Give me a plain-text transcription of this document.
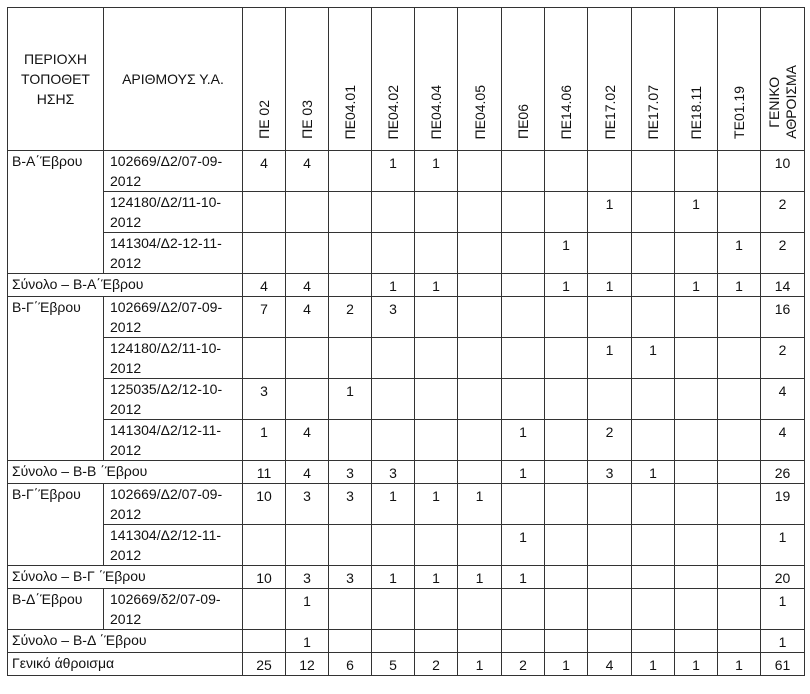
ΠΕΡΙΟΧΗ
ΤΟΠΟΘΕΤ
ΗΣΗΣ	ΑΡΙΘΜΟΥΣ Υ.Α.	ΠΕ 02	ΠΕ 03	ΠΕ04.01	ΠΕ04.02	ΠΕ04.04	ΠΕ04.05	ΠΕ06	ΠΕ14.06	ΠΕ17.02	ΠΕ17.07	ΠΕ18.11	ΤΕ01.19	ΓΕΝΙΚΟ
ΑΘΡΟΙΣΜΑ
Β-Α΄Έβρου	102669/Δ2/07-09-2012	4	4		1	1								10
	124180/Δ2/11-10-2012									1		1		2
	141304/Δ2-12-11-2012								1				1	2
Σύνολο – Β-Α΄Έβρου		4	4		1	1			1	1		1	1	14
Β-Γ΄Έβρου	102669/Δ2/07-09-2012	7	4	2	3									16
	124180/Δ2/11-10-2012									1	1			2
	125035/Δ2/12-10-2012	3		1										4
	141304/Δ2/12-11-2012	1	4					1		2				4
Σύνολο – Β-Β ΄Έβρου		11	4	3	3			1		3	1			26
Β-Γ΄Έβρου	102669/Δ2/07-09-2012	10	3	3	1	1	1							19
	141304/Δ2/12-11-2012							1						1
Σύνολο – Β-Γ ΄Έβρου		10	3	3	1	1	1	1						20
Β-Δ΄Έβρου	102669/δ2/07-09-2012		1											1
Σύνολο – Β-Δ ΄Έβρου			1											1
Γενικό άθροισμα		25	12	6	5	2	1	2	1	4	1	1	1	61
